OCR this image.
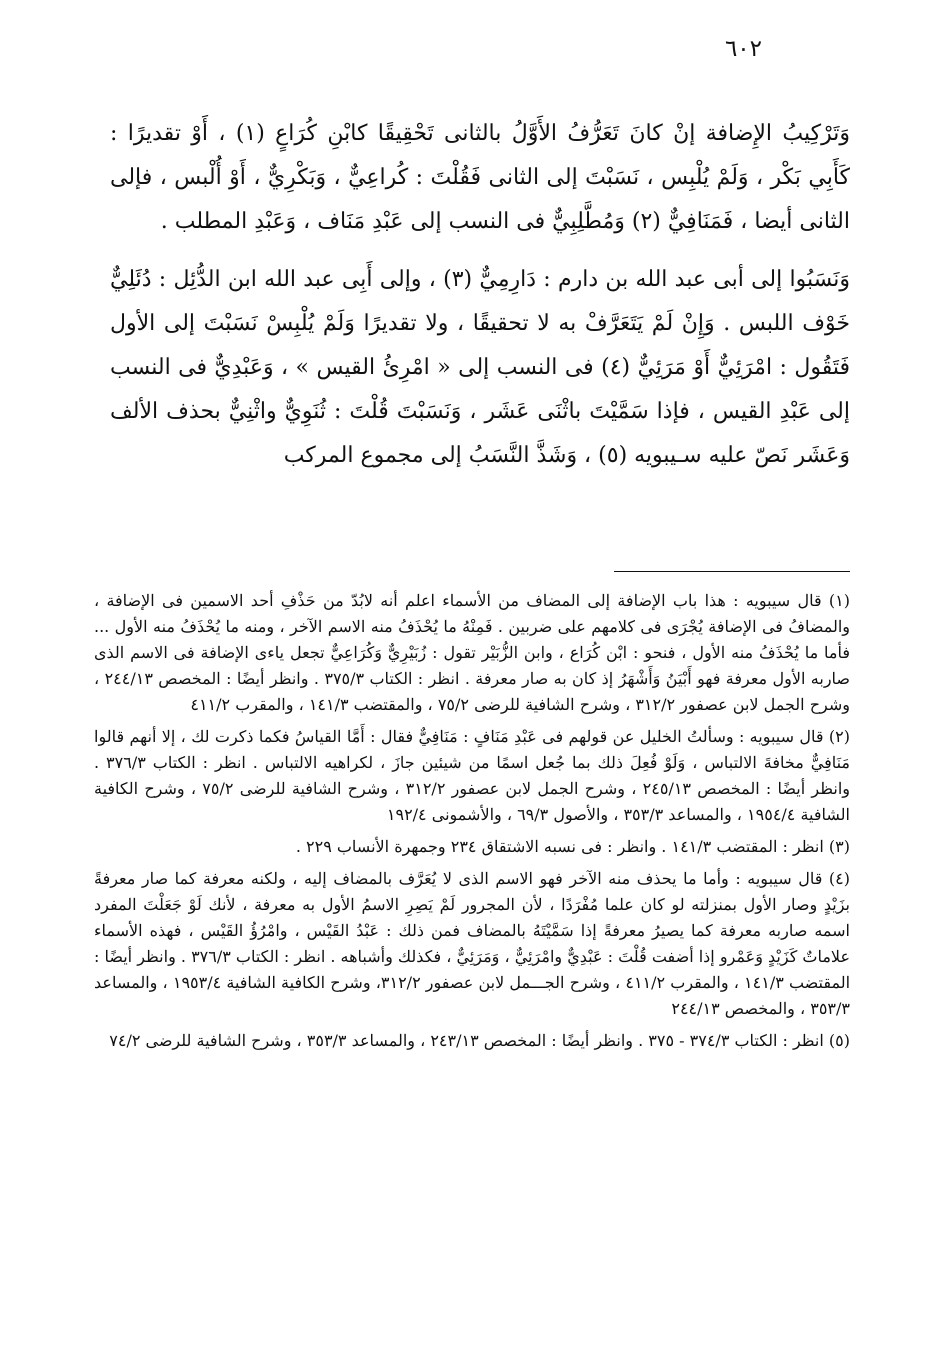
٦٠٢

وَتَرْكِيبُ الإِضافة إنْ كانَ تَعَرُّفُ الأَوَّلُ بالثانى تَحْقِيقًا كابْنِ كُرَاعٍ (١) ، أَوْ تقديرًا : كَأَبِي بَكْر ، وَلَمْ يُلْبِس ، نَسَبْتَ إلى الثانى فَقُلْتَ : كُراعِيٌّ ، وَبَكْرِيٌّ ، أَوْ أُلْبس ، فإلى الثانى أيضا ، فَمَنَافِيٌّ (٢) وَمُطَّلِبِيٌّ فى النسب إلى عَبْدِ مَنَاف ، وَعَبْدِ المطلب .

وَنَسَبُوا إلى أبى عبد الله بن دارم : دَارِمِيٌّ (٣) ، وإلى أَبِى عبد الله ابن الدُّئِل : دُئَلِيٌّ خَوْف اللبس . وَإِنْ لَمْ يَتَعَرَّفْ به لا تحقيقًا ، ولا تقديرًا وَلَمْ يُلْبِسْ نَسَبْتَ إلى الأول فَتَقُول : امْرَئِيٌّ أَوْ مَرَئِيٌّ (٤) فى النسب إلى « امْرِئُ القيس » ، وَعَبْدِيٌّ فى النسب إلى عَبْدِ القيس ، فإذا سَمَّيْتَ باثْنَى عَشَر ، وَنَسَبْتَ قُلْتَ : ثُنَوِيٌّ واثْنِيٌّ بحذف الألف وَعَشَر نَصّ عليه سـيبويه (٥) ، وَشَذَّ النَّسَبُ إلى مجموع المركب

(١) قال سيبويه : هذا باب الإضافة إلى المضاف من الأسماء اعلم أنه لابُدّ من حَذْفِ أحد الاسمين فى الإضافة ، والمضافُ فى الإضافة يُجْرَى فى كلامهم على ضربين . فَمِنْهُ ما يُحْذَفُ منه الاسم الآخر ، ومنه ما يُحْذَفُ منه الأول ... فأما ما يُحْذَفُ منه الأول ، فنحو : ابْن كُرَاع ، وابن الزُّبَيْر تقول : زُبَيْرِيٌّ وَكُرَاعِيٌّ تجعل ياءى الإضافة فى الاسم الذى صاربه الأول معرفة فهو أَبْيَنُ وَأَشْهَرُ إذ كان به صار معرفة . انظر : الكتاب ٣٧٥/٣ . وانظر أيضًا : المخصص ٢٤٤/١٣ ، وشرح الجمل لابن عصفور ٣١٢/٢ ، وشرح الشافية للرضى ٧٥/٢ ، والمقتضب ١٤١/٣ ، والمقرب ٤١١/٢

(٢) قال سيبويه : وسألتُ الخليل عن قولهم فى عَبْدِ مَنَافٍ : مَنَافِيٌّ فقال : أَمَّا القياسُ فكما ذكرت لك ، إلا أنهم قالوا مَنَافِيٌّ مخافةَ الالتباس ، وَلَوْ فُعِلَ ذلك بما جُعل اسمًا من شيئين جازَ ، لكراهيه الالتباس . انظر : الكتاب ٣٧٦/٣ . وانظر أيضًا : المخصص ٢٤٥/١٣ ، وشرح الجمل لابن عصفور ٣١٢/٢ ، وشرح الشافية للرضى ٧٥/٢ ، وشرح الكافية الشافية ١٩٥٤/٤ ، والمساعد ٣٥٣/٣ ، والأصول ٦٩/٣ ، والأشمونى ١٩٢/٤

(٣) انظر : المقتضب ١٤١/٣ . وانظر : فى نسبه الاشتقاق ٢٣٤ وجمهرة الأنساب ٢٢٩ .

(٤) قال سيبويه : وأما ما يحذف منه الآخر فهو الاسم الذى لا يُعَرَّف بالمضاف إليه ، ولكنه معرفة كما صار معرفةً بزَيْدٍ وصار الأول بمنزلته لو كان علما مُفْرَدًا ، لأن المجرور لَمْ يَصِرِ الاسمُ الأول به معرفة ، لأنك لَوْ جَعَلْتَ المفرد اسمه صاربه معرفة كما يصيرُ معرفةً إذا سَمَّيْتَهُ بالمضاف فمن ذلك : عَبْدُ القَيْس ، وامْرُؤُ القَيْس ، فهذه الأسماء علاماتٌ كَزَيْدٍ وَعَمْرو إذا أضفت قُلْتَ : عَبْدِيٌّ وامْرَئِيٌّ ، وَمَرَئِيٌّ ، فكذلك وأشباهه . انظر : الكتاب ٣٧٦/٣ . وانظر أيضًا : المقتضب ١٤١/٣ ، والمقرب ٤١١/٢ ، وشرح الجـــمل لابن عصفور ٣١٢/٢، وشرح الكافية الشافية ١٩٥٣/٤ ، والمساعد ٣٥٣/٣ ، والمخصص ٢٤٤/١٣

(٥) انظر : الكتاب ٣٧٤/٣ - ٣٧٥ . وانظر أيضًا : المخصص ٢٤٣/١٣ ، والمساعد ٣٥٣/٣ ، وشرح الشافية للرضى ٧٤/٢
